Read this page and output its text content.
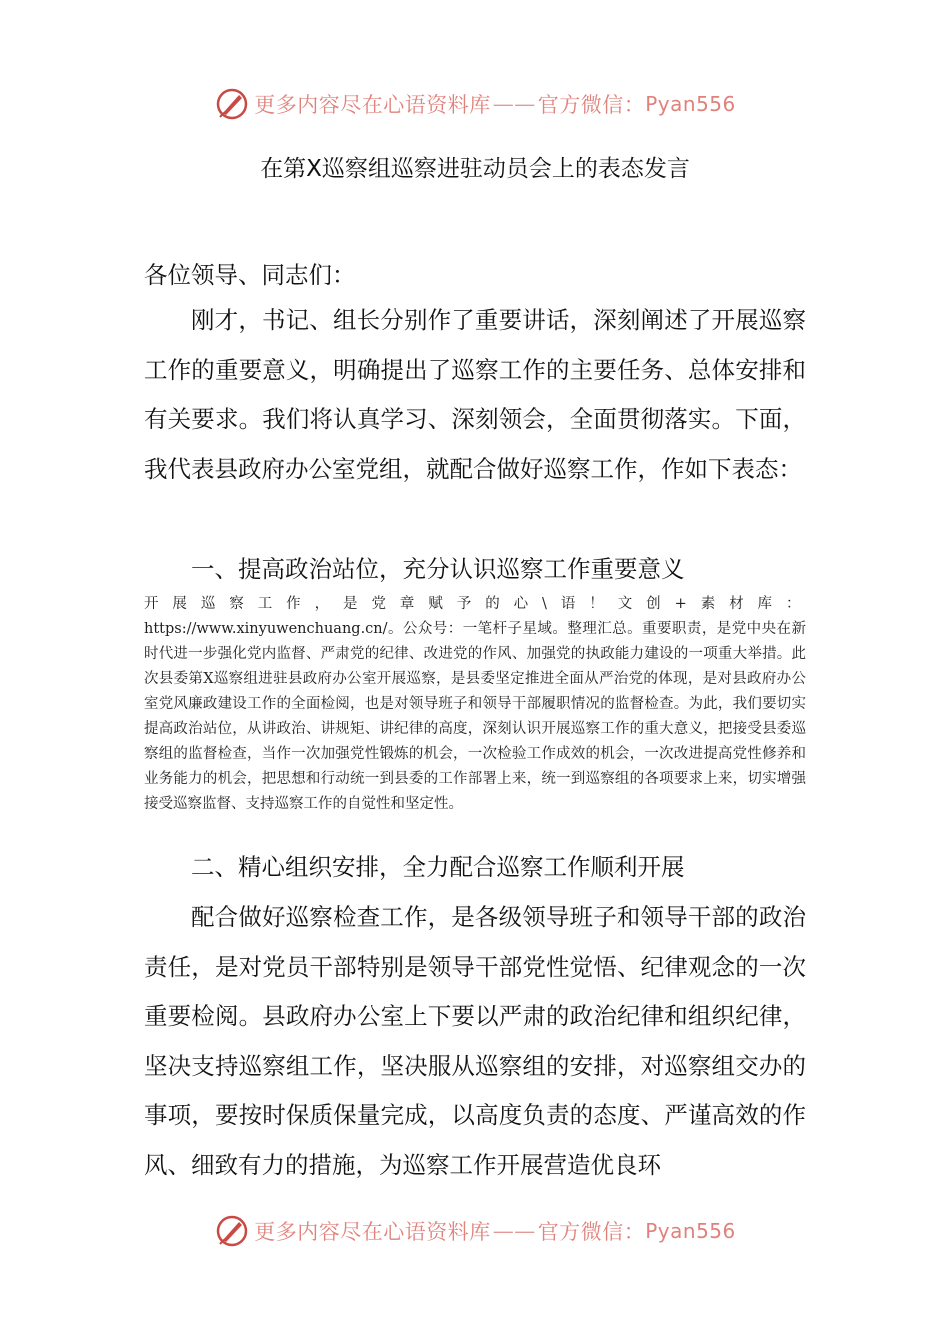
更多内容尽在心语资料库 —— 官方微信： Pyan556
在第Ⅹ巡察组巡察进驻动员会上的表态发言

各位领导、同志们：

刚才，书记、组长分别作了重要讲话，深刻阐述了开展巡察工作的重要意义，明确提出了巡察工作的主要任务、总体安排和有关要求。我们将认真学习、深刻领会，全面贯彻落实。下面，我代表县政府办公室党组，就配合做好巡察工作，作如下表态：

一、提高政治站位，充分认识巡察工作重要意义

开展巡察工作，是党章赋予的心\语！文创+素材库： https://www.xinyuwenchuang.cn/。公众号：一笔杆子星域。整理汇总。重要职责，是党中央在新时代进一步强化党内监督、严肃党的纪律、改进党的作风、加强党的执政能力建设的一项重大举措。此次县委第Ⅹ巡察组进驻县政府办公室开展巡察，是县委坚定推进全面从严治党的体现，是对县政府办公室党风廉政建设工作的全面检阅，也是对领导班子和领导干部履职情况的监督检查。为此，我们要切实提高政治站位，从讲政治、讲规矩、讲纪律的高度，深刻认识开展巡察工作的重大意义，把接受县委巡察组的监督检查，当作一次加强党性锻炼的机会，一次检验工作成效的机会，一次改进提高党性修养和业务能力的机会，把思想和行动统一到县委的工作部署上来，统一到巡察组的各项要求上来，切实增强接受巡察监督、支持巡察工作的自觉性和坚定性。

二、精心组织安排，全力配合巡察工作顺利开展

配合做好巡察检查工作，是各级领导班子和领导干部的政治责任，是对党员干部特别是领导干部党性觉悟、纪律观念的一次重要检阅。县政府办公室上下要以严肃的政治纪律和组织纪律，坚决支持巡察组工作，坚决服从巡察组的安排，对巡察组交办的事项，要按时保质保量完成，以高度负责的态度、严谨高效的作风、细致有力的措施，为巡察工作开展营造优良环

更多内容尽在心语资料库 —— 官方微信： Pyan556
